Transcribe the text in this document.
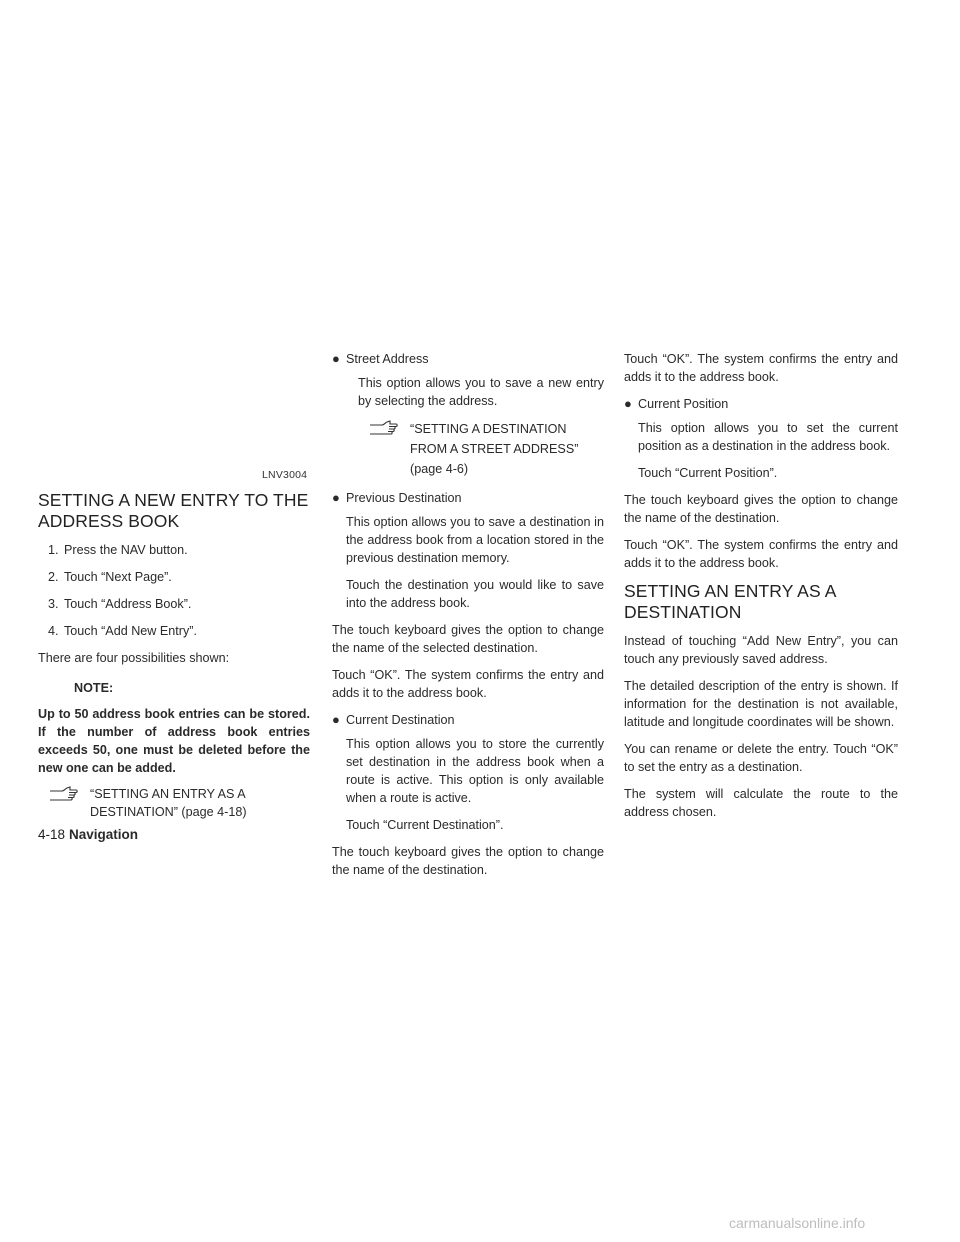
LNV3004
SETTING A NEW ENTRY TO THE ADDRESS BOOK
1. Press the NAV button.
2. Touch “Next Page”.
3. Touch “Address Book”.
4. Touch “Add New Entry”.

There are four possibilities shown:

NOTE:
Up to 50 address book entries can be stored. If the number of address book entries exceeds 50, one must be deleted before the new one can be added.
“SETTING AN ENTRY AS A DESTINATION” (page 4-18)
● Street Address

This option allows you to save a new entry by selecting the address.

“SETTING A DESTINATION FROM A STREET ADDRESS” (page 4-6)
● Previous Destination

This option allows you to save a destination in the address book from a location stored in the previous destination memory.

Touch the destination you would like to save into the address book.

The touch keyboard gives the option to change the name of the selected destination.

Touch “OK”. The system confirms the entry and adds it to the address book.

● Current Destination

This option allows you to store the currently set destination in the address book when a route is active. This option is only available when a route is active.

Touch “Current Destination”.

The touch keyboard gives the option to change the name of the destination.

Touch “OK”. The system confirms the entry and adds it to the address book.

● Current Position

This option allows you to set the current position as a destination in the address book.

Touch “Current Position”.

The touch keyboard gives the option to change the name of the destination.

Touch “OK”. The system confirms the entry and adds it to the address book.

SETTING AN ENTRY AS A DESTINATION

Instead of touching “Add New Entry”, you can touch any previously saved address.

The detailed description of the entry is shown. If information for the destination is not available, latitude and longitude coordinates will be shown.

You can rename or delete the entry. Touch “OK” to set the entry as a destination.

The system will calculate the route to the address chosen.

4-18 Navigation
carmanualsonline.info
